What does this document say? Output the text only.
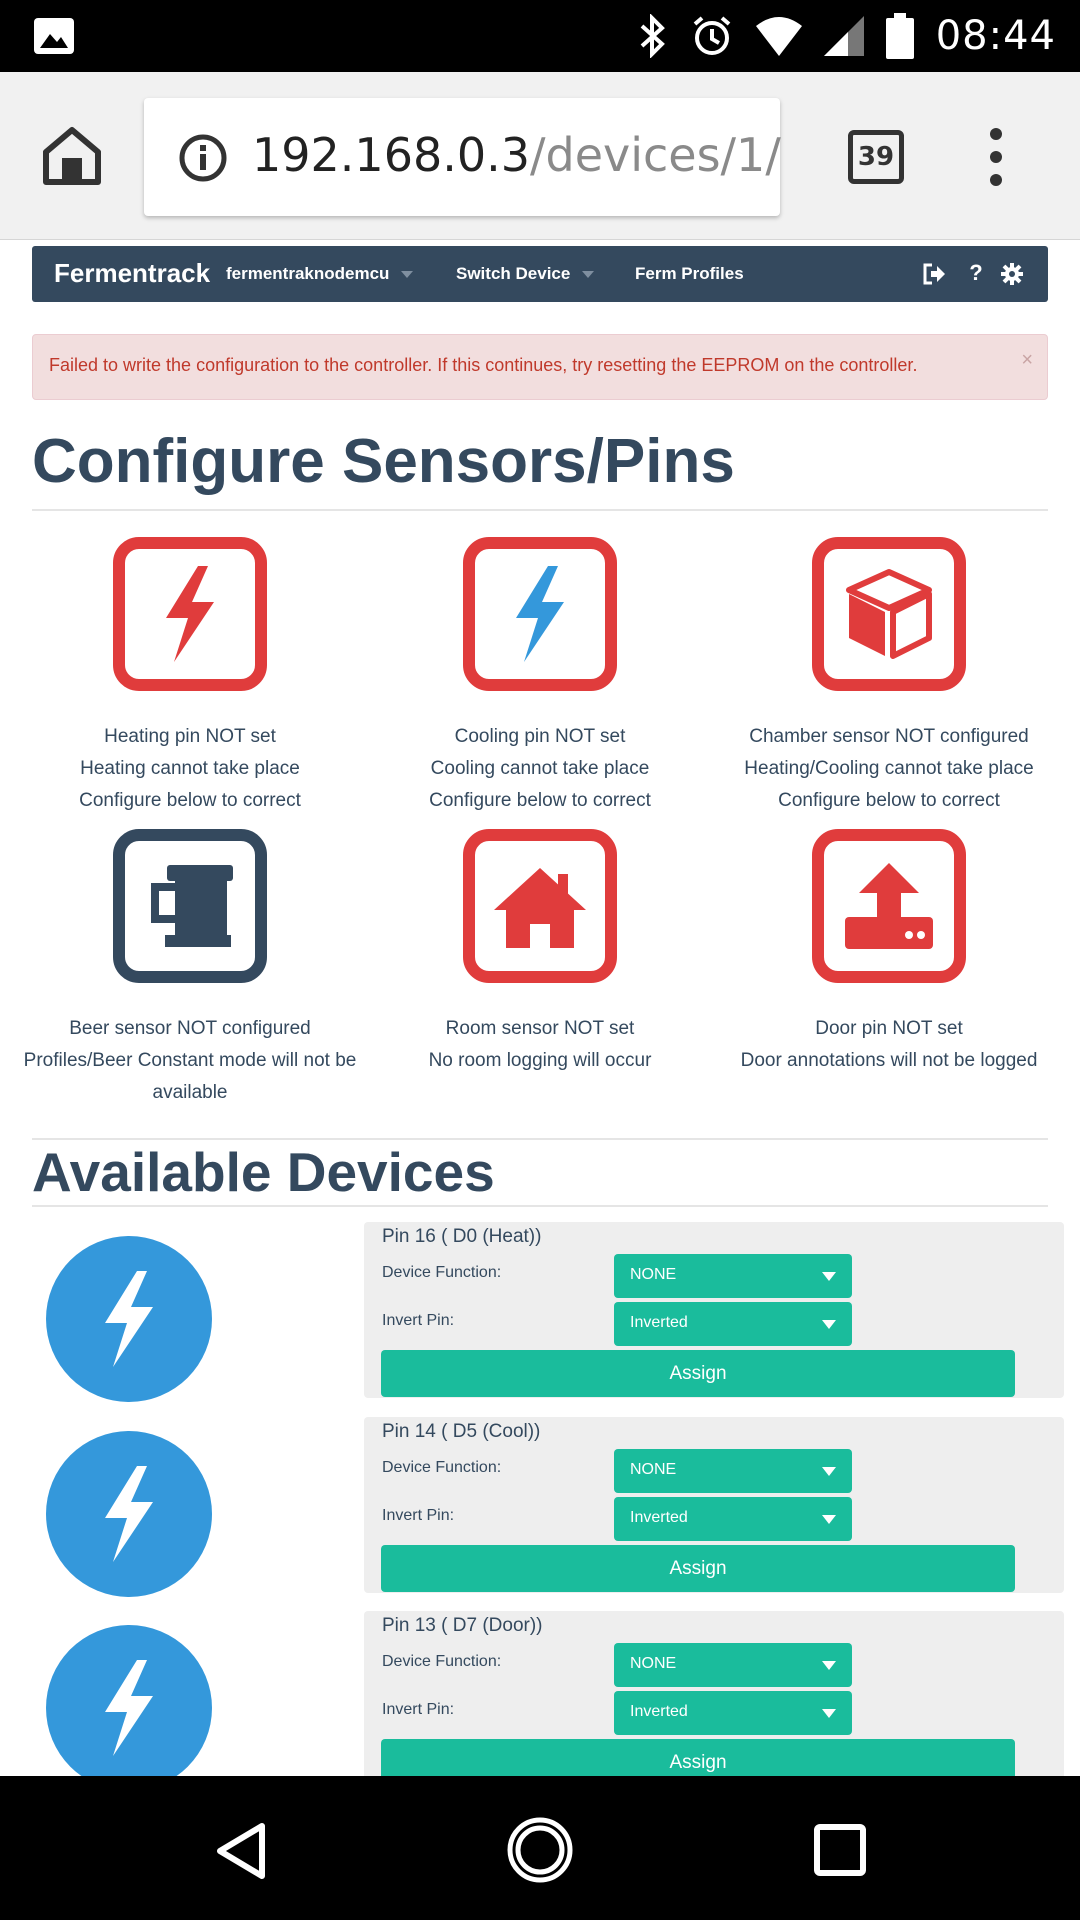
08:44
192.168.0.3/devices/1/	39
Fermentrack fermentraknodemcu	Switch Device	Ferm Profiles	?
Failed to write the configuration to the controller. If this continues, try resetting the EEPROM on the controller.	×
Configure Sensors/Pins
Heating pin NOT set
Heating cannot take place
Configure below to correct
Cooling pin NOT set
Cooling cannot take place
Configure below to correct
Chamber sensor NOT configured
Heating/Cooling cannot take place
Configure below to correct
Beer sensor NOT configured
Profiles/Beer Constant mode will not be
available
Room sensor NOT set
No room logging will occur
Door pin NOT set
Door annotations will not be logged
Available Devices
Pin 16 ( D0 (Heat))
Device Function:	NONE
Invert Pin:	Inverted
Assign
Pin 14 ( D5 (Cool))
Device Function:	NONE
Invert Pin:	Inverted
Assign
Pin 13 ( D7 (Door))
Device Function:	NONE
Invert Pin:	Inverted
Assign
